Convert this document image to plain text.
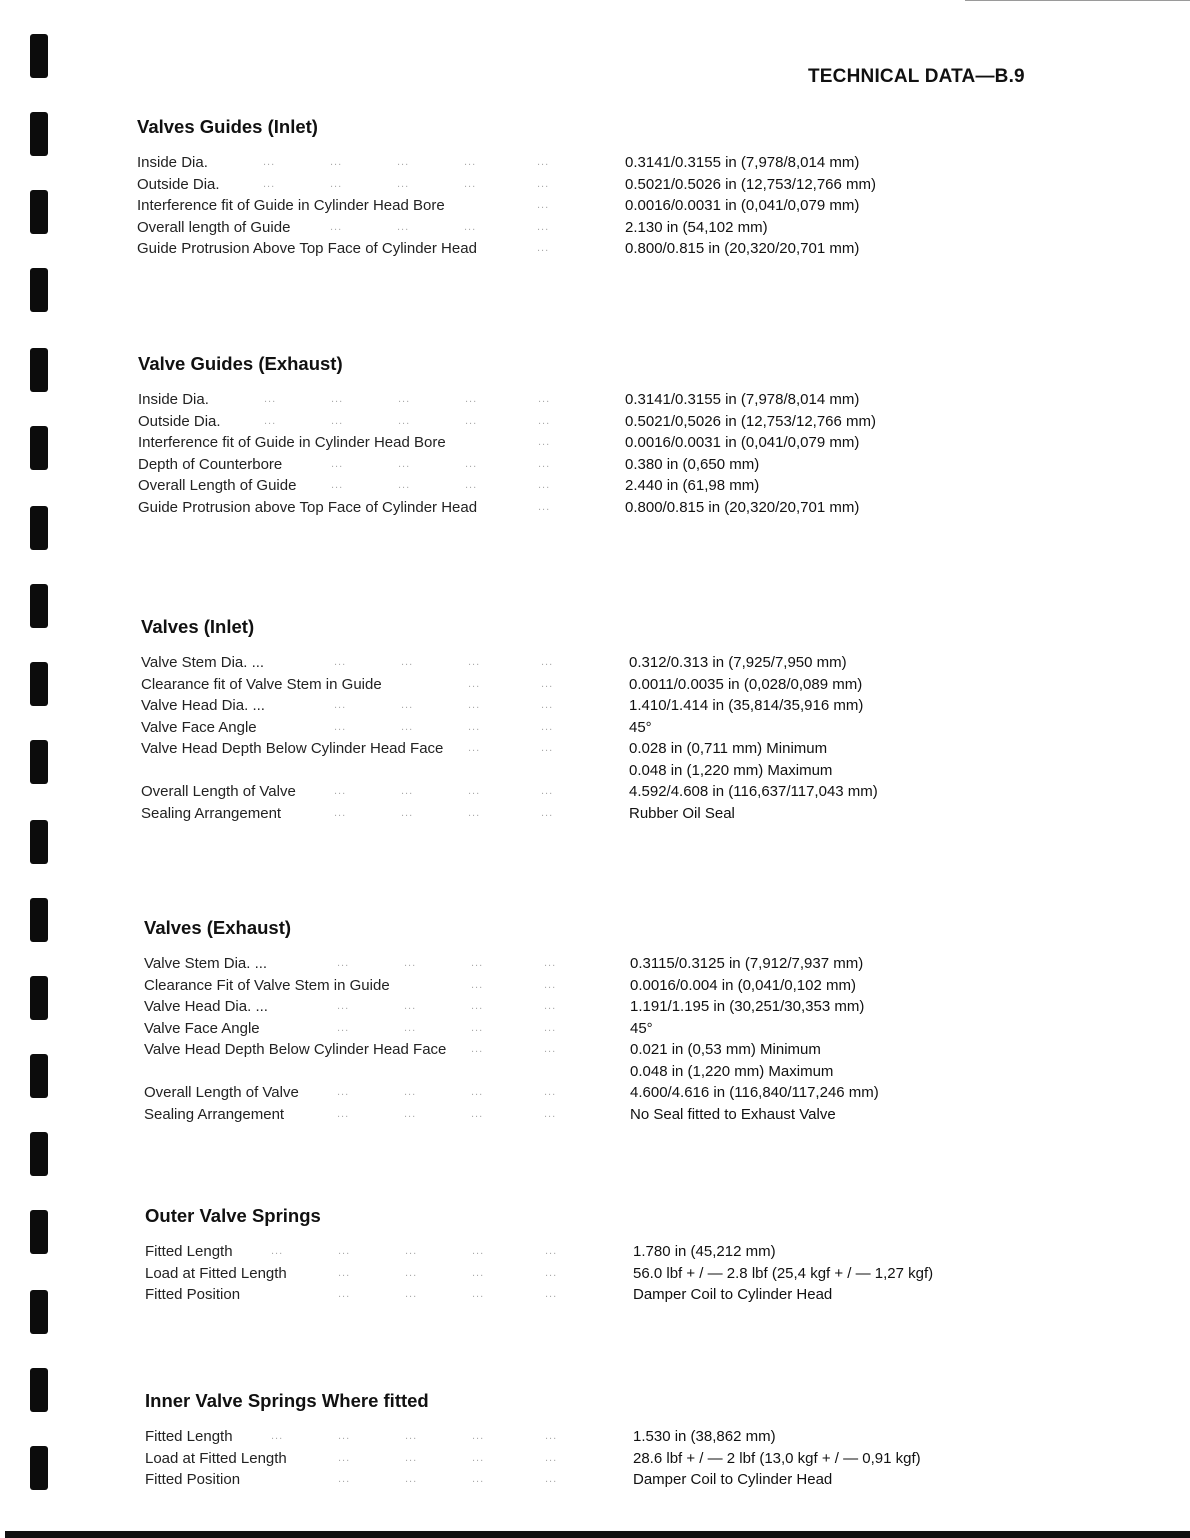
TECHNICAL DATA—B.9
Valves Guides (Inlet)
Inside Dia.	...	...	...	...	...	0.3141/0.3155 in (7,978/8,014 mm)
Outside Dia.	...	...	...	...	...	0.5021/0.5026 in (12,753/12,766 mm)
Interference fit of Guide in Cylinder Head Bore	...	0.0016/0.0031 in (0,041/0,079 mm)
Overall length of Guide	...	...	...	...	2.130 in (54,102 mm)
Guide Protrusion Above Top Face of Cylinder Head	...	0.800/0.815 in (20,320/20,701 mm)
Valve Guides (Exhaust)
Inside Dia.	...	...	...	...	...	0.3141/0.3155 in (7,978/8,014 mm)
Outside Dia.	...	...	...	...	...	0.5021/0,5026 in (12,753/12,766 mm)
Interference fit of Guide in Cylinder Head Bore	...	0.0016/0.0031 in (0,041/0,079 mm)
Depth of Counterbore	...	...	...	...	0.380 in (0,650 mm)
Overall Length of Guide	...	...	...	...	2.440 in (61,98 mm)
Guide Protrusion above Top Face of Cylinder Head	...	0.800/0.815 in (20,320/20,701 mm)
Valves (Inlet)
Valve Stem Dia. ...	...	...	...	...	0.312/0.313 in (7,925/7,950 mm)
Clearance fit of Valve Stem in Guide	...	...	0.0011/0.0035 in (0,028/0,089 mm)
Valve Head Dia. ...	...	...	...	...	1.410/1.414 in (35,814/35,916 mm)
Valve Face Angle	...	...	...	...	45°
Valve Head Depth Below Cylinder Head Face ...	...	0.028 in (0,711 mm) Minimum
0.048 in (1,220 mm) Maximum
Overall Length of Valve	...	...	...	...	4.592/4.608 in (116,637/117,043 mm)
Sealing Arrangement	...	...	...	...	Rubber Oil Seal
Valves (Exhaust)
Valve Stem Dia. ...	...	...	...	...	0.3115/0.3125 in (7,912/7,937 mm)
Clearance Fit of Valve Stem in Guide	...	...	0.0016/0.004 in (0,041/0,102 mm)
Valve Head Dia. ...	...	...	...	...	1.191/1.195 in (30,251/30,353 mm)
Valve Face Angle	...	...	...	...	45°
Valve Head Depth Below Cylinder Head Face ...	...	0.021 in (0,53 mm) Minimum
0.048 in (1,220 mm) Maximum
Overall Length of Valve	...	...	...	...	4.600/4.616 in (116,840/117,246 mm)
Sealing Arrangement	...	...	...	...	No Seal fitted to Exhaust Valve
Outer Valve Springs
Fitted Length	...	...	...	...	...	1.780 in (45,212 mm)
Load at Fitted Length	...	...	...	...	56.0 lbf + / — 2.8 lbf (25,4 kgf + / — 1,27 kgf)
Fitted Position	...	...	...	...	Damper Coil to Cylinder Head
Inner Valve Springs Where fitted
Fitted Length	...	...	...	...	...	1.530 in (38,862 mm)
Load at Fitted Length	...	...	...	...	28.6 lbf + / — 2 lbf (13,0 kgf + / — 0,91 kgf)
Fitted Position	...	...	...	...	Damper Coil to Cylinder Head
